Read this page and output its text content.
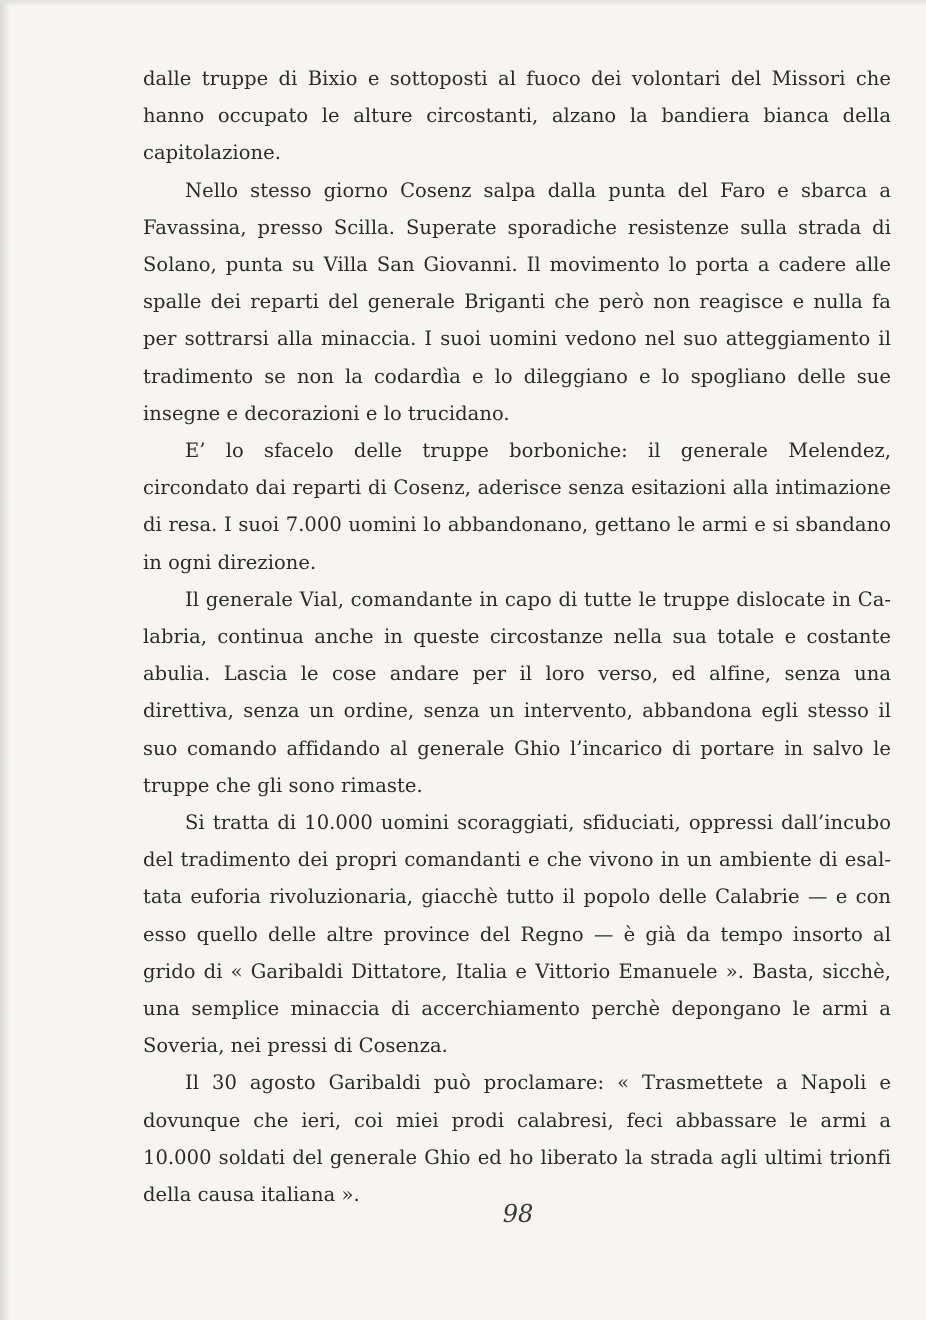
dalle truppe di Bixio e sottoposti al fuoco dei volontari del Missori che hanno occupato le alture circostanti, alzano la bandiera bianca della capitolazione.

Nello stesso giorno Cosenz salpa dalla punta del Faro e sbarca a Favassina, presso Scilla. Superate sporadiche resistenze sulla strada di Solano, punta su Villa San Giovanni. Il movimento lo porta a cadere alle spalle dei reparti del generale Briganti che però non reagisce e nulla fa per sottrarsi alla minaccia. I suoi uomini vedono nel suo atteggiamento il tradimento se non la codardìa e lo dileggiano e lo spogliano delle sue insegne e decorazioni e lo trucidano.

E’ lo sfacelo delle truppe borboniche: il generale Melendez, circondato dai reparti di Cosenz, aderisce senza esitazioni alla intimazione di resa. I suoi 7.000 uomini lo abbandonano, gettano le armi e si sbandano in ogni direzione.

Il generale Vial, comandante in capo di tutte le truppe dislocate in Calabria, continua anche in queste circostanze nella sua totale e costante abulia. Lascia le cose andare per il loro verso, ed alfine, senza una direttiva, senza un ordine, senza un intervento, abbandona egli stesso il suo comando affidando al generale Ghio l’incarico di portare in salvo le truppe che gli sono rimaste.

Si tratta di 10.000 uomini scoraggiati, sfiduciati, oppressi dall’incubo del tradimento dei propri comandanti e che vivono in un ambiente di esaltata euforia rivoluzionaria, giacchè tutto il popolo delle Calabrie — e con esso quello delle altre province del Regno — è già da tempo insorto al grido di « Garibaldi Dittatore, Italia e Vittorio Emanuele ». Basta, sicchè, una semplice minaccia di accerchiamento perchè depongano le armi a Soveria, nei pressi di Cosenza.

Il 30 agosto Garibaldi può proclamare: « Trasmettete a Napoli e dovunque che ieri, coi miei prodi calabresi, feci abbassare le armi a 10.000 soldati del generale Ghio ed ho liberato la strada agli ultimi trionfi della causa italiana ».

98
